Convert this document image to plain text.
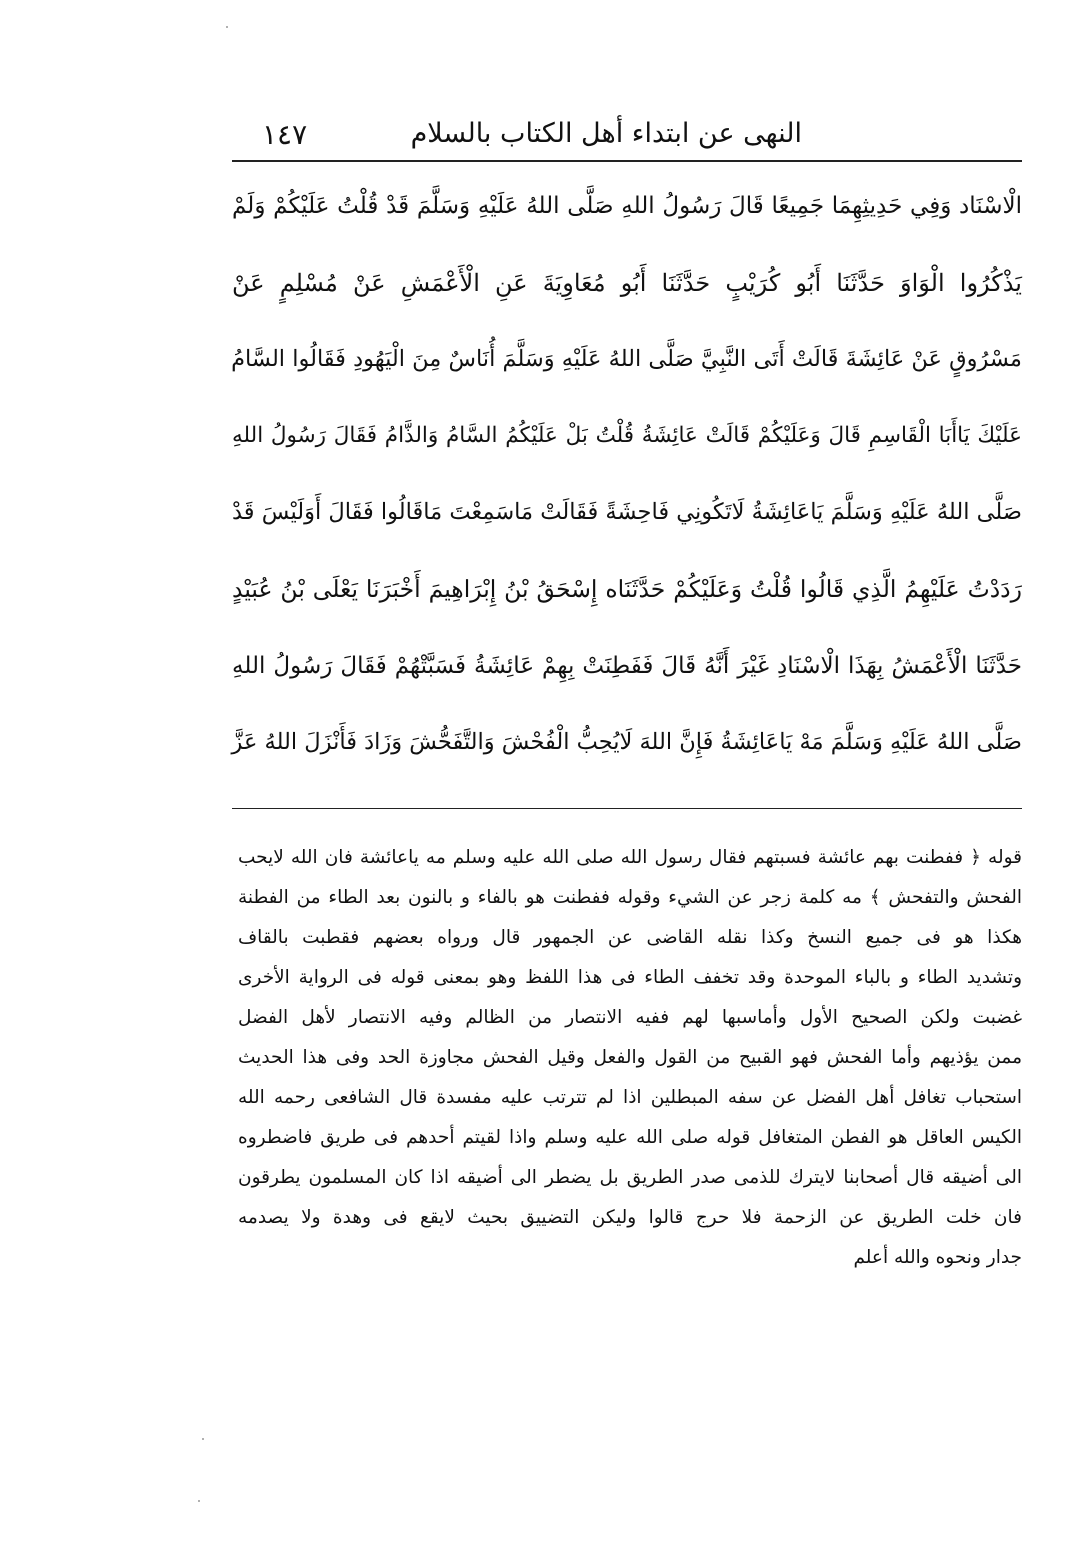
النهى عن ابتداء أهل الكتاب بالسلام
١٤٧
الْاسْنَاد وَفِي حَدِيثِهِمَا جَمِيعًا قَالَ رَسُولُ اللهِ صَلَّى اللهُ عَلَيْهِ وَسَلَّمَ قَدْ قُلْتُ عَلَيْكُمْ وَلَمْ
يَذْكُرُوا الْوَاوَ حَدَّثَنَا أَبُو كُرَيْبٍ حَدَّثَنَا أَبُو مُعَاوِيَةَ عَنِ الْأَعْمَشِ عَنْ مُسْلِمٍ عَنْ
مَسْرُوقٍ عَنْ عَائِشَةَ قَالَتْ أَتَى النَّبِيَّ صَلَّى اللهُ عَلَيْهِ وَسَلَّمَ أُنَاسٌ مِنَ الْيَهُودِ فَقَالُوا السَّامُ
عَلَيْكَ يَاأَبَا الْقَاسِمِ قَالَ وَعَلَيْكُمْ قَالَتْ عَائِشَةُ قُلْتُ بَلْ عَلَيْكُمُ السَّامُ وَالذَّامُ فَقَالَ رَسُولُ اللهِ
صَلَّى اللهُ عَلَيْهِ وَسَلَّمَ يَاعَائِشَةُ لَاتَكُونِي فَاحِشَةً فَقَالَتْ مَاسَمِعْتَ مَاقَالُوا فَقَالَ أَوَلَيْسَ قَدْ
رَدَدْتُ عَلَيْهِمُ الَّذِي قَالُوا قُلْتُ وَعَلَيْكُمْ حَدَّثَنَاه إِسْحَقُ بْنُ إِبْرَاهِيمَ أَخْبَرَنَا يَعْلَى بْنُ عُبَيْدٍ
حَدَّثَنَا الْأَعْمَشُ بِهَذَا الْاسْنَادِ غَيْرَ أَنَّهُ قَالَ فَفَطِنَتْ بِهِمْ عَائِشَةُ فَسَبَّتْهُمْ فَقَالَ رَسُولُ اللهِ
صَلَّى اللهُ عَلَيْهِ وَسَلَّمَ مَهْ يَاعَائِشَةُ فَإِنَّ اللهَ لَايُحِبُّ الْفُحْشَ وَالتَّفَحُّشَ وَزَادَ فَأَنْزَلَ اللهُ عَزَّ
قوله ﴿ ففطنت بهم عائشة فسبتهم فقال رسول الله صلى الله عليه وسلم مه ياعائشة فان الله لايحب
الفحش والتفحش ﴾ مه كلمة زجر عن الشيء وقوله ففطنت هو بالفاء و بالنون بعد الطاء من الفطنة
هكذا هو فى جميع النسخ وكذا نقله القاضى عن الجمهور قال ورواه بعضهم فقطبت بالقاف
وتشديد الطاء و بالباء الموحدة وقد تخفف الطاء فى هذا اللفظ وهو بمعنى قوله فى الرواية الأخرى
غضبت ولكن الصحيح الأول وأماسبها لهم ففيه الانتصار من الظالم وفيه الانتصار لأهل الفضل
ممن يؤذيهم وأما الفحش فهو القبيح من القول والفعل وقيل الفحش مجاوزة الحد وفى هذا الحديث
استحباب تغافل أهل الفضل عن سفه المبطلين اذا لم تترتب عليه مفسدة قال الشافعى رحمه الله
الكيس العاقل هو الفطن المتغافل قوله صلى الله عليه وسلم واذا لقيتم أحدهم فى طريق فاضطروه
الى أضيقه قال أصحابنا لايترك للذمى صدر الطريق بل يضطر الى أضيقه اذا كان المسلمون يطرقون
فان خلت الطريق عن الزحمة فلا حرج قالوا وليكن التضييق بحيث لايقع فى وهدة ولا يصدمه
جدار ونحوه والله أعلم
